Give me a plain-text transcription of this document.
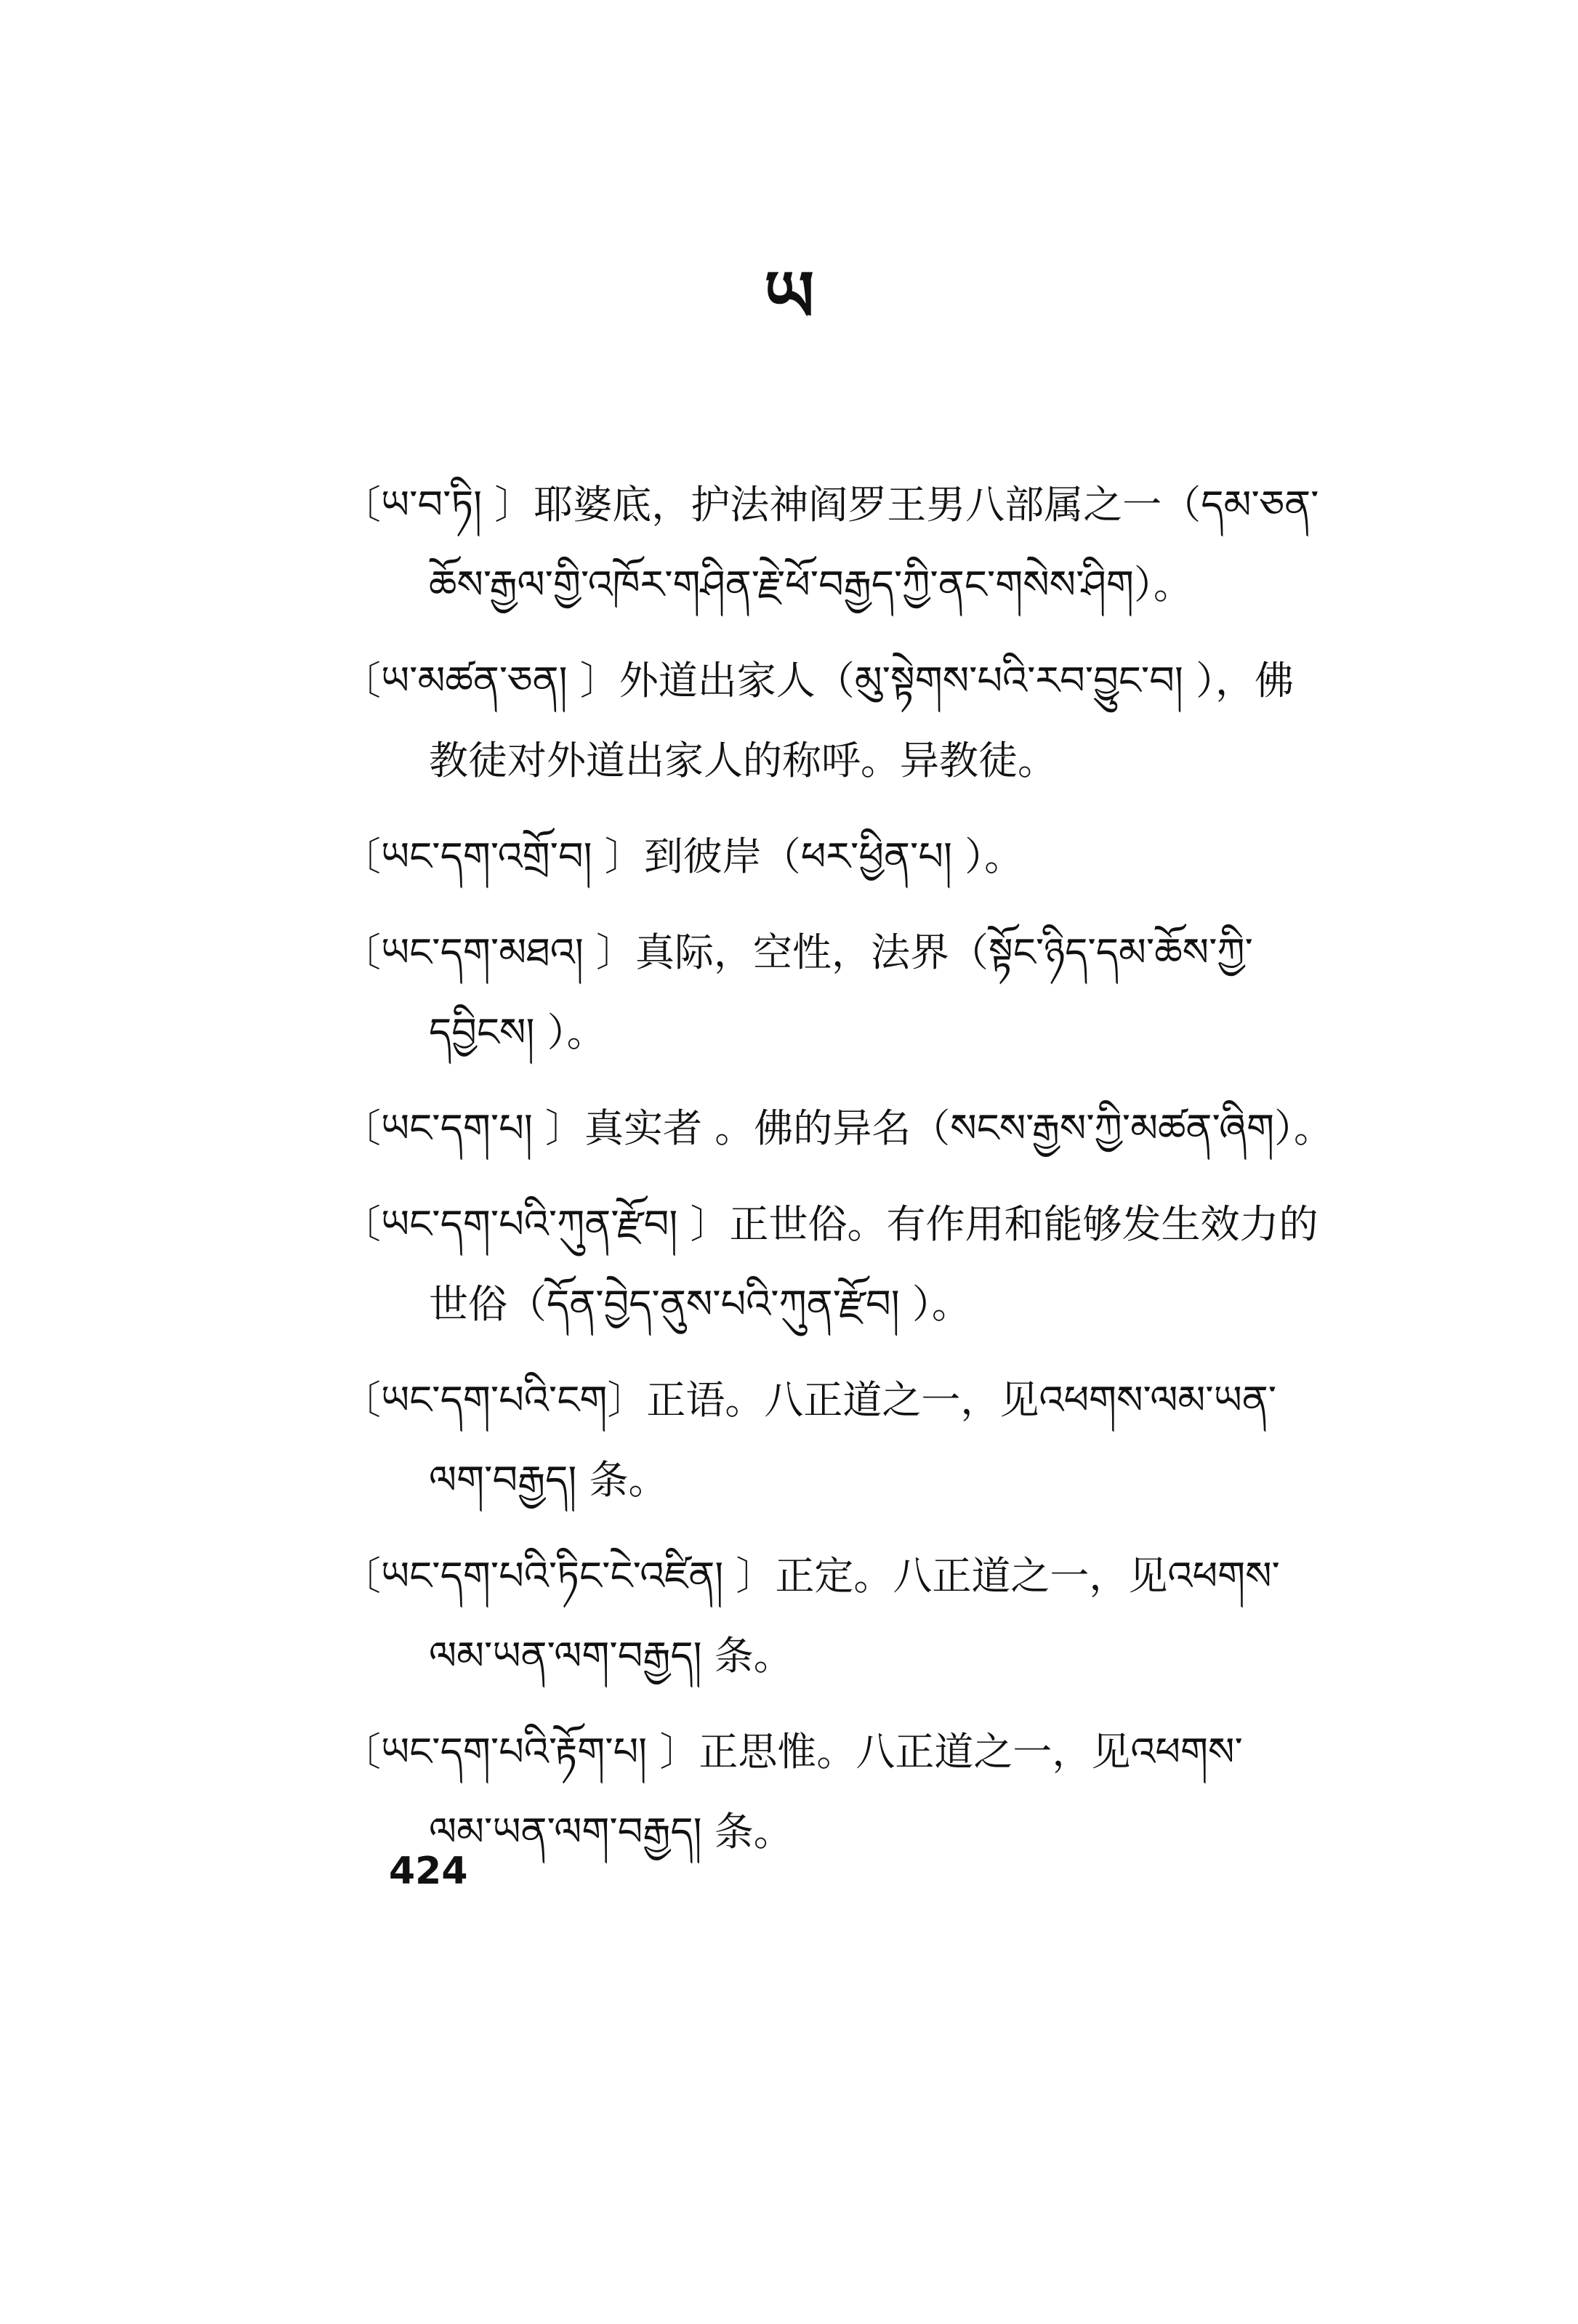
ཡ
〔ཡ་བ་ཏི། 〕耶婆底，护法神阎罗王男八部属之一（དམ་ཅན་
ཆོས་རྒྱལ་གྱི་འཁོར་གཤིན་རྗེ་ཕོ་བརྒྱད་ཀྱི་ནང་གསེས་ཤིག）。
〔ཡ་མཚན་ཅན། 〕外道出家人（མུ་སྟེགས་པའི་རབ་བྱུང་བ། ），佛
教徒对外道出家人的称呼。异教徒。
〔ཡང་དག་འགྲོ་བ། 〕到彼岸（ཕར་ཕྱིན་པ། ）。
〔ཡང་དག་མཐའ། 〕真际，空性，法界（སྟོང་ཉིད་དམ་ཆོས་ཀྱི་
དབྱིངས། ）。
〔ཡང་དག་པ། 〕真实者 。佛的异名（སངས་རྒྱས་ཀྱི་མཚན་ཞིག）。
〔ཡང་དག་པའི་ཀུན་རྫོབ། 〕正世俗。有作用和能够发生效力的
世俗（དོན་བྱེད་ནུས་པའི་ཀུན་རྫོབ། ）。
〔ཡང་དག་པའི་ངག〕正语。八正道之一，见འཕགས་ལམ་ཡན་
ལག་བརྒྱད། 条。
〔ཡང་དག་པའི་ཏིང་ངེ་འཛིན། 〕正定。八正道之一，见འཕགས་
ལམ་ཡན་ལག་བརྒྱད། 条。
〔ཡང་དག་པའི་རྟོག་པ། 〕正思惟。八正道之一，见འཕགས་
ལམ་ཡན་ལག་བརྒྱད། 条。
424
